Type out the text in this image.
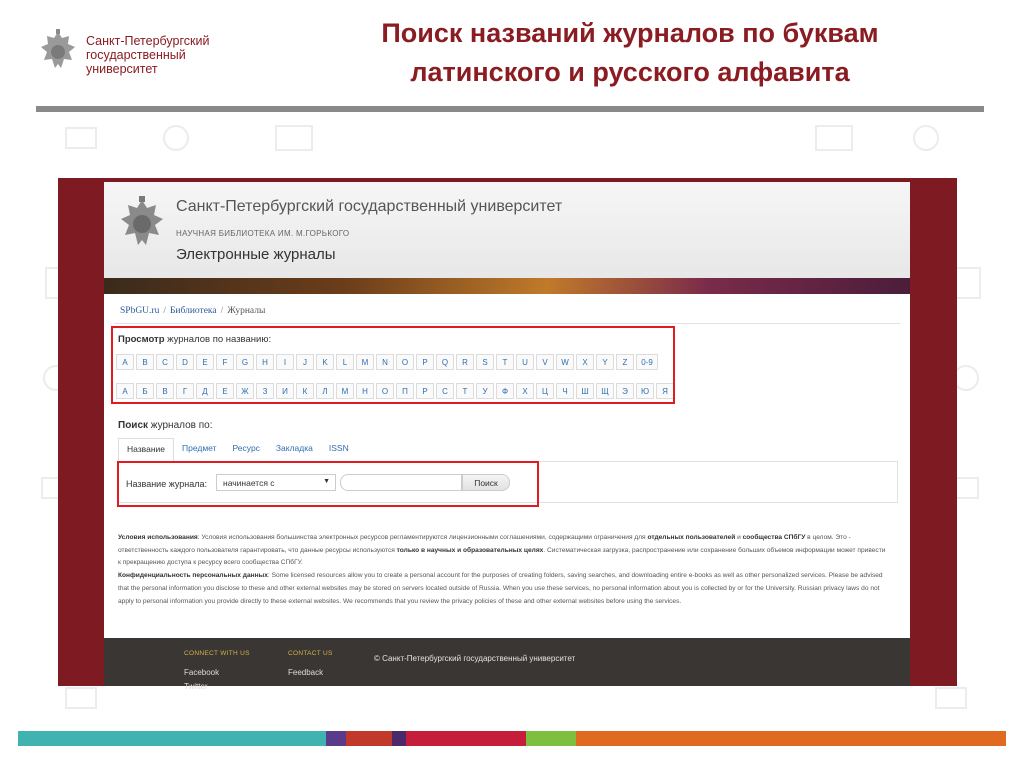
Санкт-Петербургский
государственный
университет
Поиск названий журналов по буквам
латинского и русского алфавита
Санкт-Петербургский государственный университет
НАУЧНАЯ БИБЛИОТЕКА ИМ. М.ГОРЬКОГО
Электронные журналы
SPbGU.ru / Библиотека / Журналы
Просмотр журналов по названию:
A	B	C	D	E	F	G	H	I	J	K	L	M	N	O	P	Q	R	S	T	U	V	W	X	Y	Z	0-9
А	Б	В	Г	Д	Е	Ж	З	И	К	Л	М	Н	О	П	Р	С	Т	У	Ф	Х	Ц	Ч	Ш	Щ	Э	Ю	Я
Поиск журналов по:
Название	Предмет	Ресурс	Закладка	ISSN
Название журнала:	начинается с	▼	Поиск
Условия использования: Условия использования большинства электронных ресурсов регламентируются лицензионными соглашениями, содержащими ограничения для отдельных пользователей и сообщества СПбГУ в целом. Это - ответственность каждого пользователя гарантировать, что данные ресурсы используются только в научных и образовательных целях. Систематическая загрузка, распространение или сохранение больших объемов информации может привести к прекращению доступа к ресурсу всего сообщества СПбГУ.
Конфиденциальность персональных данных: Some licensed resources allow you to create a personal account for the purposes of creating folders, saving searches, and downloading entire e-books as well as other personalized services. Please be advised that the personal information you disclose to these and other external websites may be stored on servers located outside of Russia. When you use these services, no personal information about you is collected by or for the University. Russian privacy laws do not apply to personal information you provide directly to these external websites. We recommends that you review the privacy policies of these and other external websites before using the services.
CONNECT WITH US
Facebook
Twitter
CONTACT US
Feedback
© Санкт-Петербургский государственный университет
